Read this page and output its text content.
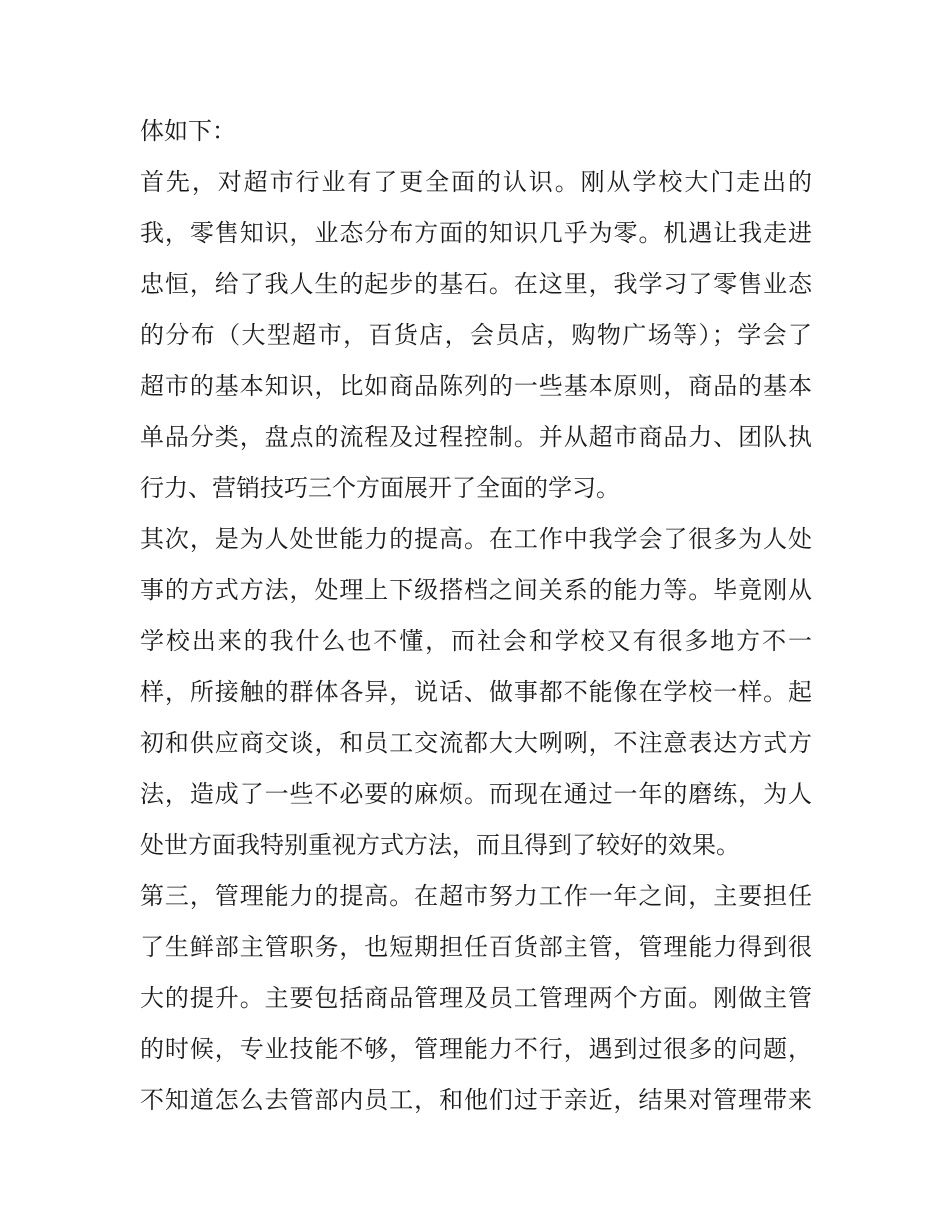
体如下：
首先，对超市行业有了更全面的认识。刚从学校大门走出的
我，零售知识，业态分布方面的知识几乎为零。机遇让我走进
忠恒，给了我人生的起步的基石。在这里，我学习了零售业态
的分布（大型超市，百货店，会员店，购物广场等）；学会了
超市的基本知识，比如商品陈列的一些基本原则，商品的基本
单品分类，盘点的流程及过程控制。并从超市商品力、团队执
行力、营销技巧三个方面展开了全面的学习。
其次，是为人处世能力的提高。在工作中我学会了很多为人处
事的方式方法，处理上下级搭档之间关系的能力等。毕竟刚从
学校出来的我什么也不懂，而社会和学校又有很多地方不一
样，所接触的群体各异，说话、做事都不能像在学校一样。起
初和供应商交谈，和员工交流都大大咧咧，不注意表达方式方
法，造成了一些不必要的麻烦。而现在通过一年的磨练，为人
处世方面我特别重视方式方法，而且得到了较好的效果。
第三，管理能力的提高。在超市努力工作一年之间，主要担任
了生鲜部主管职务，也短期担任百货部主管，管理能力得到很
大的提升。主要包括商品管理及员工管理两个方面。刚做主管
的时候，专业技能不够，管理能力不行，遇到过很多的问题，
不知道怎么去管部内员工，和他们过于亲近，结果对管理带来
